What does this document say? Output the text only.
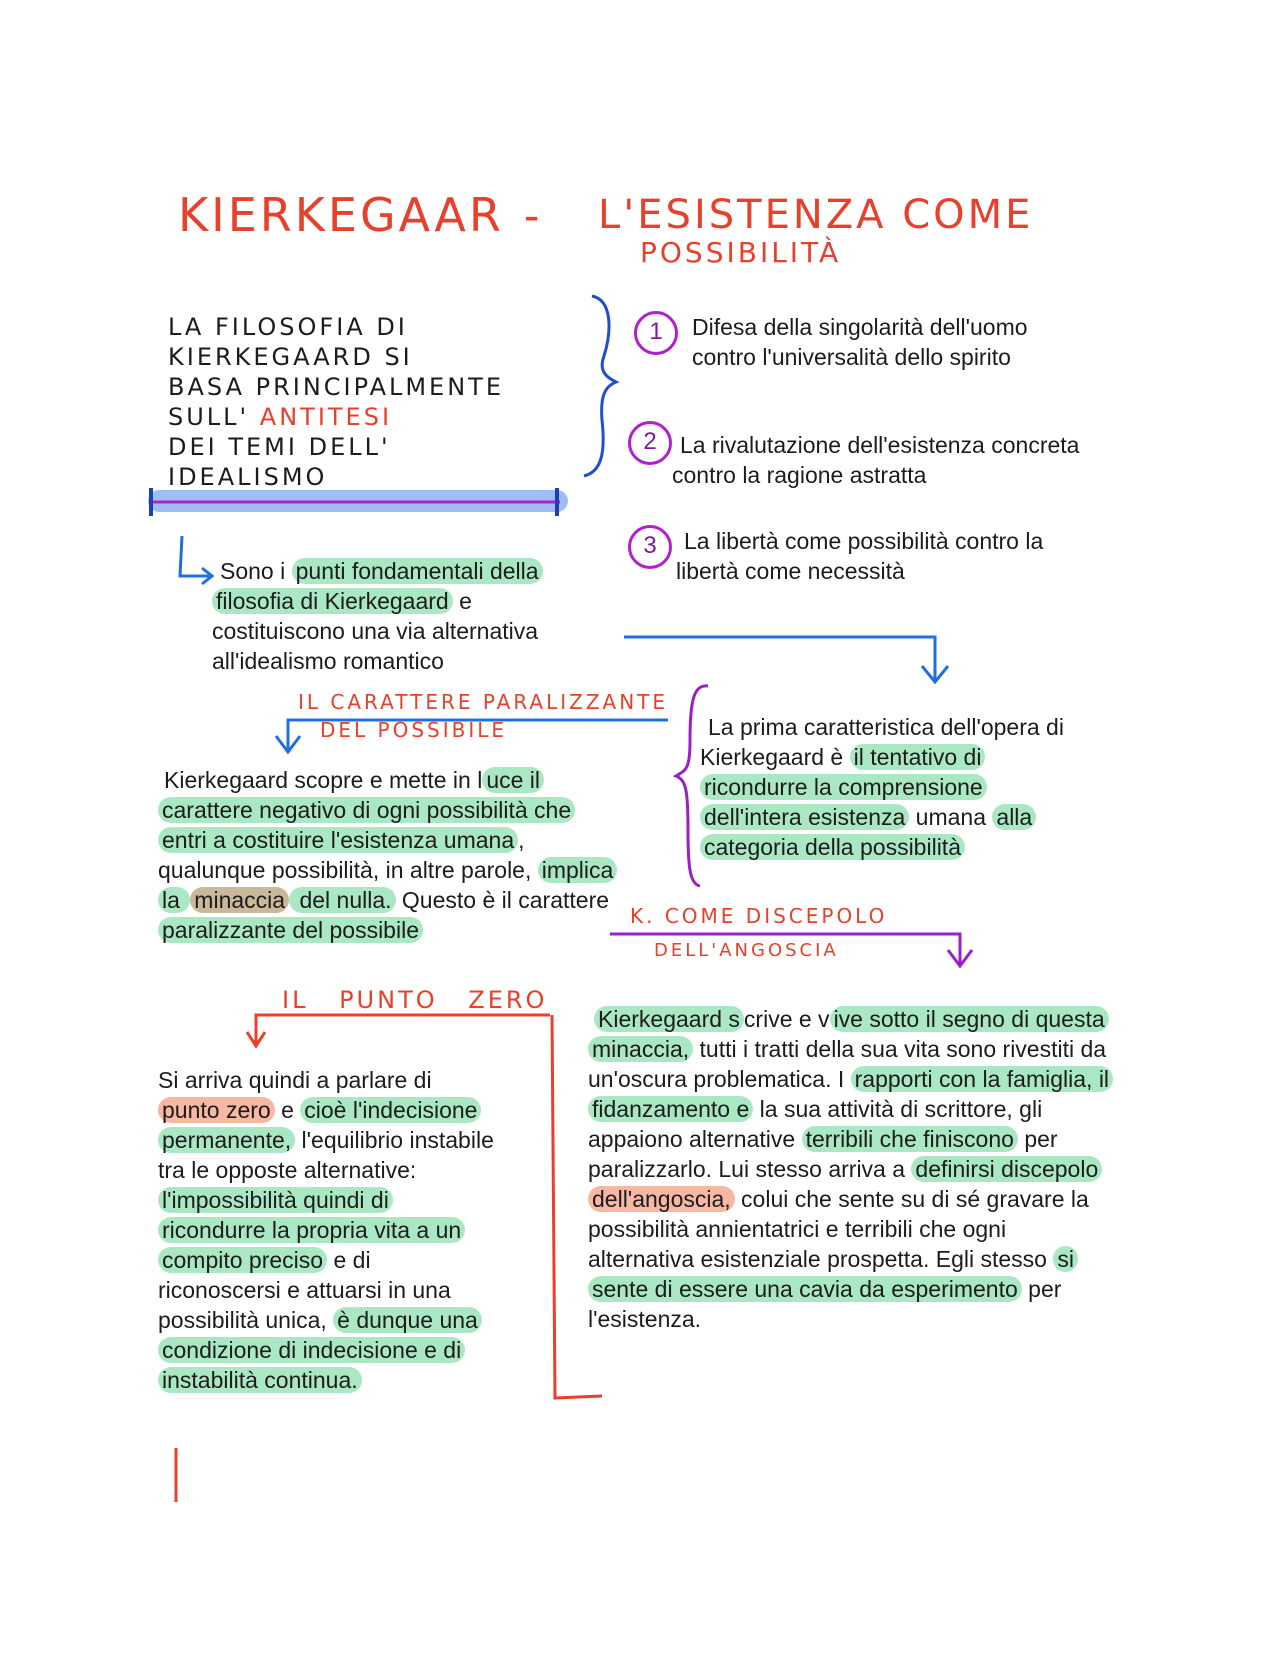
KIERKEGAAR - L'ESISTENZA COME
POSSIBILITÀ
LA FILOSOFIA DI
KIERKEGAARD SI
BASA PRINCIPALMENTE
SULL' ANTITESI
DEI TEMI DELL'
IDEALISMO
1	Difesa della singolarità dell'uomo contro l'universalità dello spirito

2	La rivalutazione dell'esistenza concreta contro la ragione astratta

3	La libertà come possibilità contro la libertà come necessità

Sono i punti fondamentali della filosofia di Kierkegaard e costituiscono una via alternativa all'idealismo romantico

IL CARATTERE PARALIZZANTE
DEL POSSIBILE

Kierkegaard scopre e mette in l uce il carattere negativo di ogni possibilità che entri a costituire l'esistenza umana , qualunque possibilità, in altre parole, implica la minaccia del nulla. Questo è il carattere paralizzante del possibile

La prima caratteristica dell'opera di Kierkegaard è il tentativo di ricondurre la comprensione dell'intera esistenza umana alla categoria della possibilità

K. COME DISCEPOLO
DELL'ANGOSCIA
IL PUNTO ZERO

Si arriva quindi a parlare di punto zero e cioè l'indecisione permanente, l'equilibrio instabile tra le opposte alternative: l'impossibilità quindi di ricondurre la propria vita a un compito preciso e di riconoscersi e attuarsi in una possibilità unica, è dunque una condizione di indecisione e di instabilità continua.

Kierkegaard s crive e v ive sotto il segno di questa minaccia, tutti i tratti della sua vita sono rivestiti da un'oscura problematica. I rapporti con la famiglia, il fidanzamento e la sua attività di scrittore, gli appaiono alternative terribili che finiscono per paralizzarlo. Lui stesso arriva a definirsi discepolo dell'angoscia, colui che sente su di sé gravare la possibilità annientatrici e terribili che ogni alternativa esistenziale prospetta. Egli stesso si sente di essere una cavia da esperimento per l'esistenza.
